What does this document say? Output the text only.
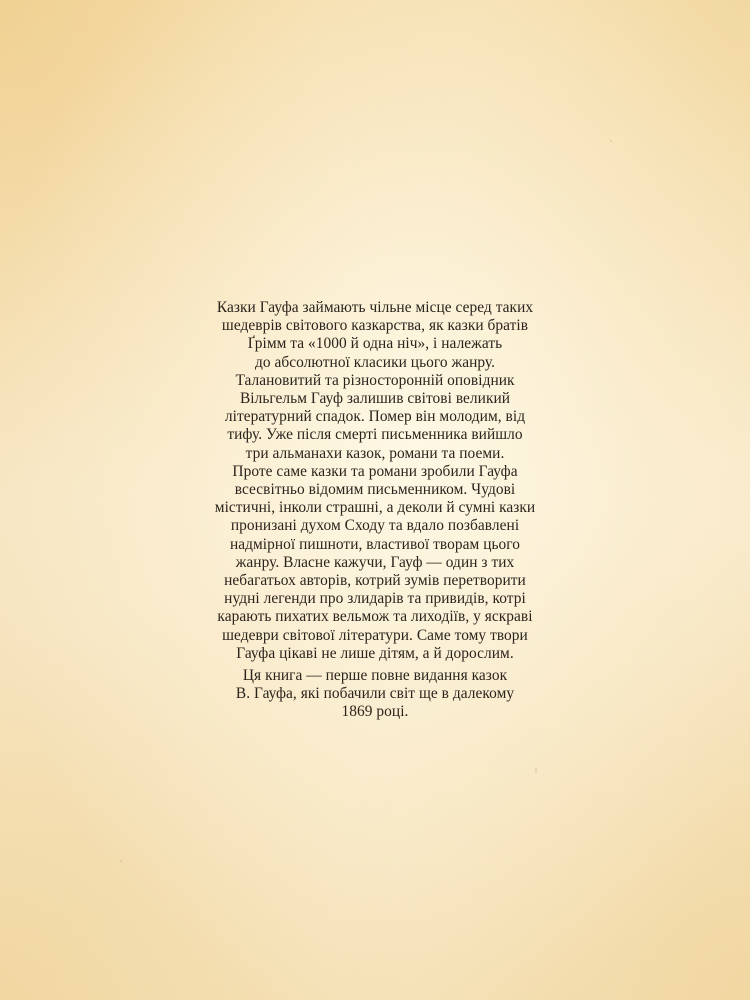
Казки Гауфа займають чільне місце серед таких
шедеврів світового казкарства, як казки братів
Ґрімм та «1000 й одна ніч», і належать
до абсолютної класики цього жанру.

Талановитий та різносторонній оповідник
Вільгельм Гауф залишив світові великий
літературний спадок. Помер він молодим, від
тифу. Уже після смерті письменника вийшло
три альманахи казок, романи та поеми.
Проте саме казки та романи зробили Гауфа
всесвітньо відомим письменником. Чудові
містичні, інколи страшні, а деколи й сумні казки
пронизані духом Сходу та вдало позбавлені
надмірної пишноти, властивої творам цього
жанру. Власне кажучи, Гауф — один з тих
небагатьох авторів, котрий зумів перетворити
нудні легенди про злидарів та привидів, котрі
карають пихатих вельмож та лиходіїв, у яскраві
шедеври світової літератури. Саме тому твори
Гауфа цікаві не лише дітям, а й дорослим.

Ця книга — перше повне видання казок
В. Гауфа, які побачили світ ще в далекому
1869 році.
